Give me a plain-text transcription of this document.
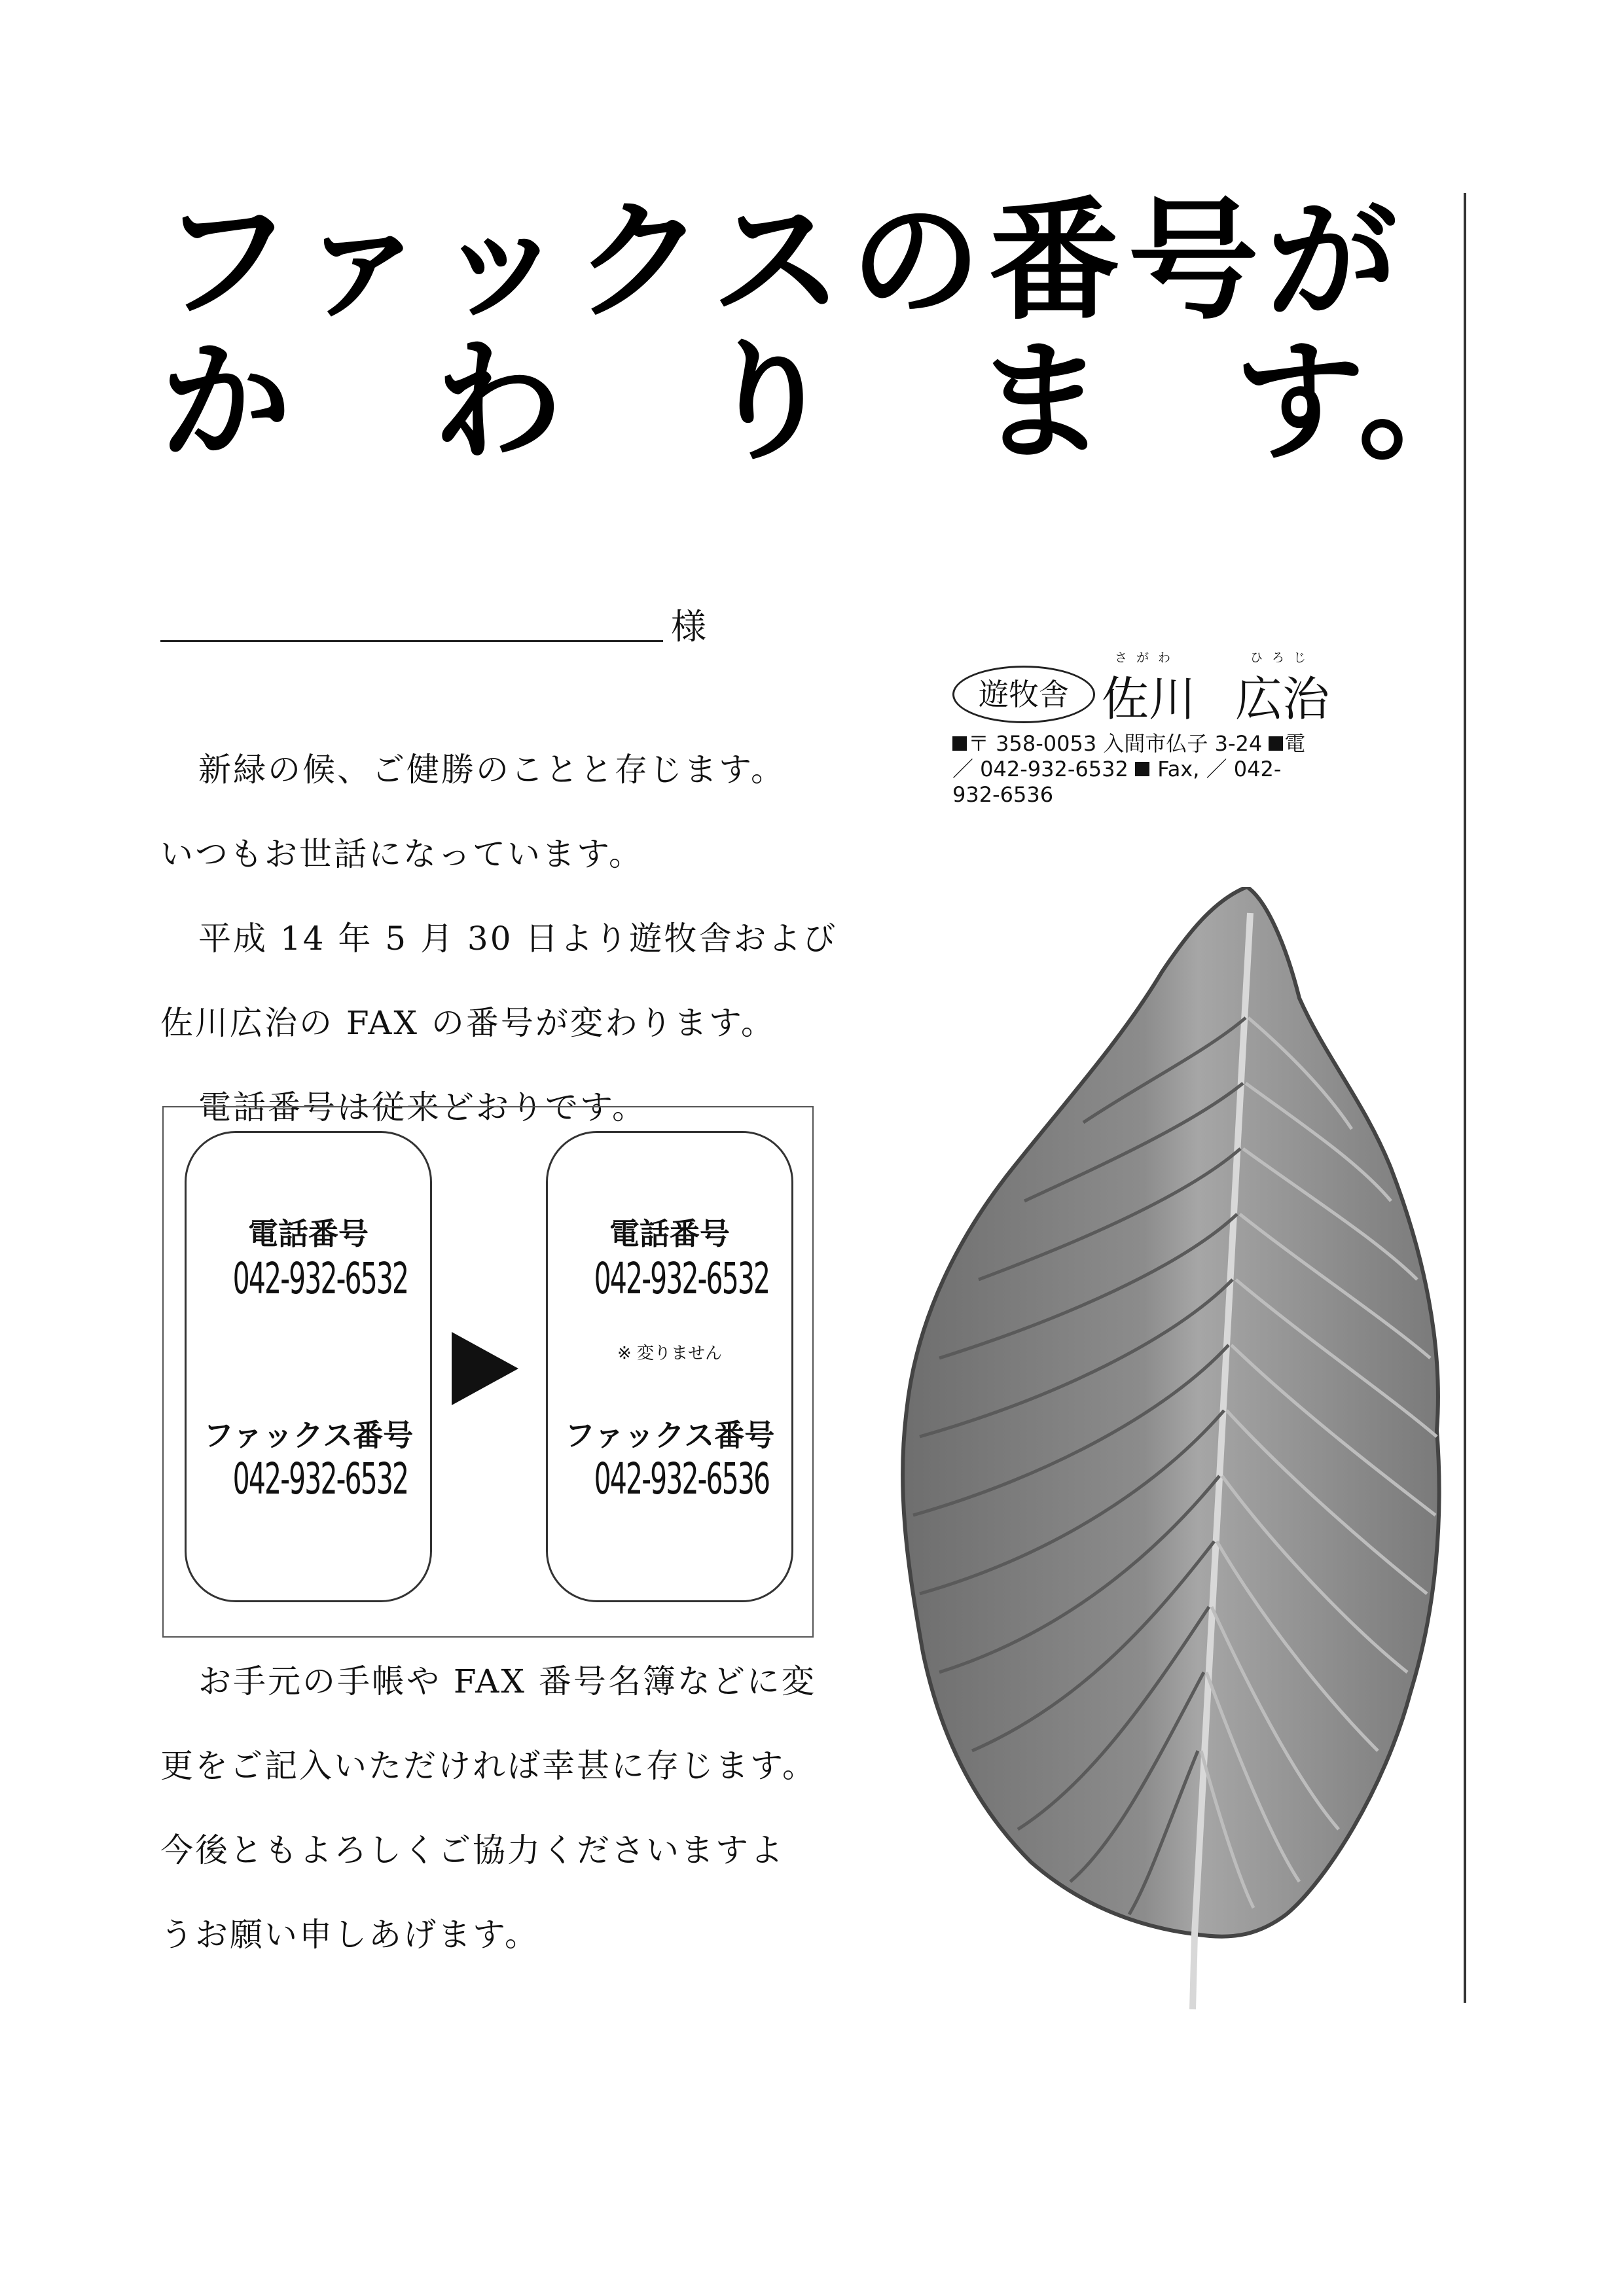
ファックスの番号が
か わ り ま す
。
様
新緑の候、ご健勝のことと存じます。
いつもお世話になっています。
平成 14 年 5 月 30 日より遊牧舎および
佐川広治の FAX の番号が変わります。
電話番号は従来どおりです。
電話番号
042-932-6532
ファックス番号
042-932-6532
電話番号
042-932-6532
※ 変りません
ファックス番号
042-932-6536
お手元の手帳や FAX 番号名簿などに変
更をご記入いただければ幸甚に存じます。
今後ともよろしくご協力くださいますよ
うお願い申しあげます。
遊牧舎
さがわ	ひろじ
佐川 広治

〒 358-0053 入間市仏子 3-24 電
／ 042-932-6532 Fax, ／ 042-
932-6536
